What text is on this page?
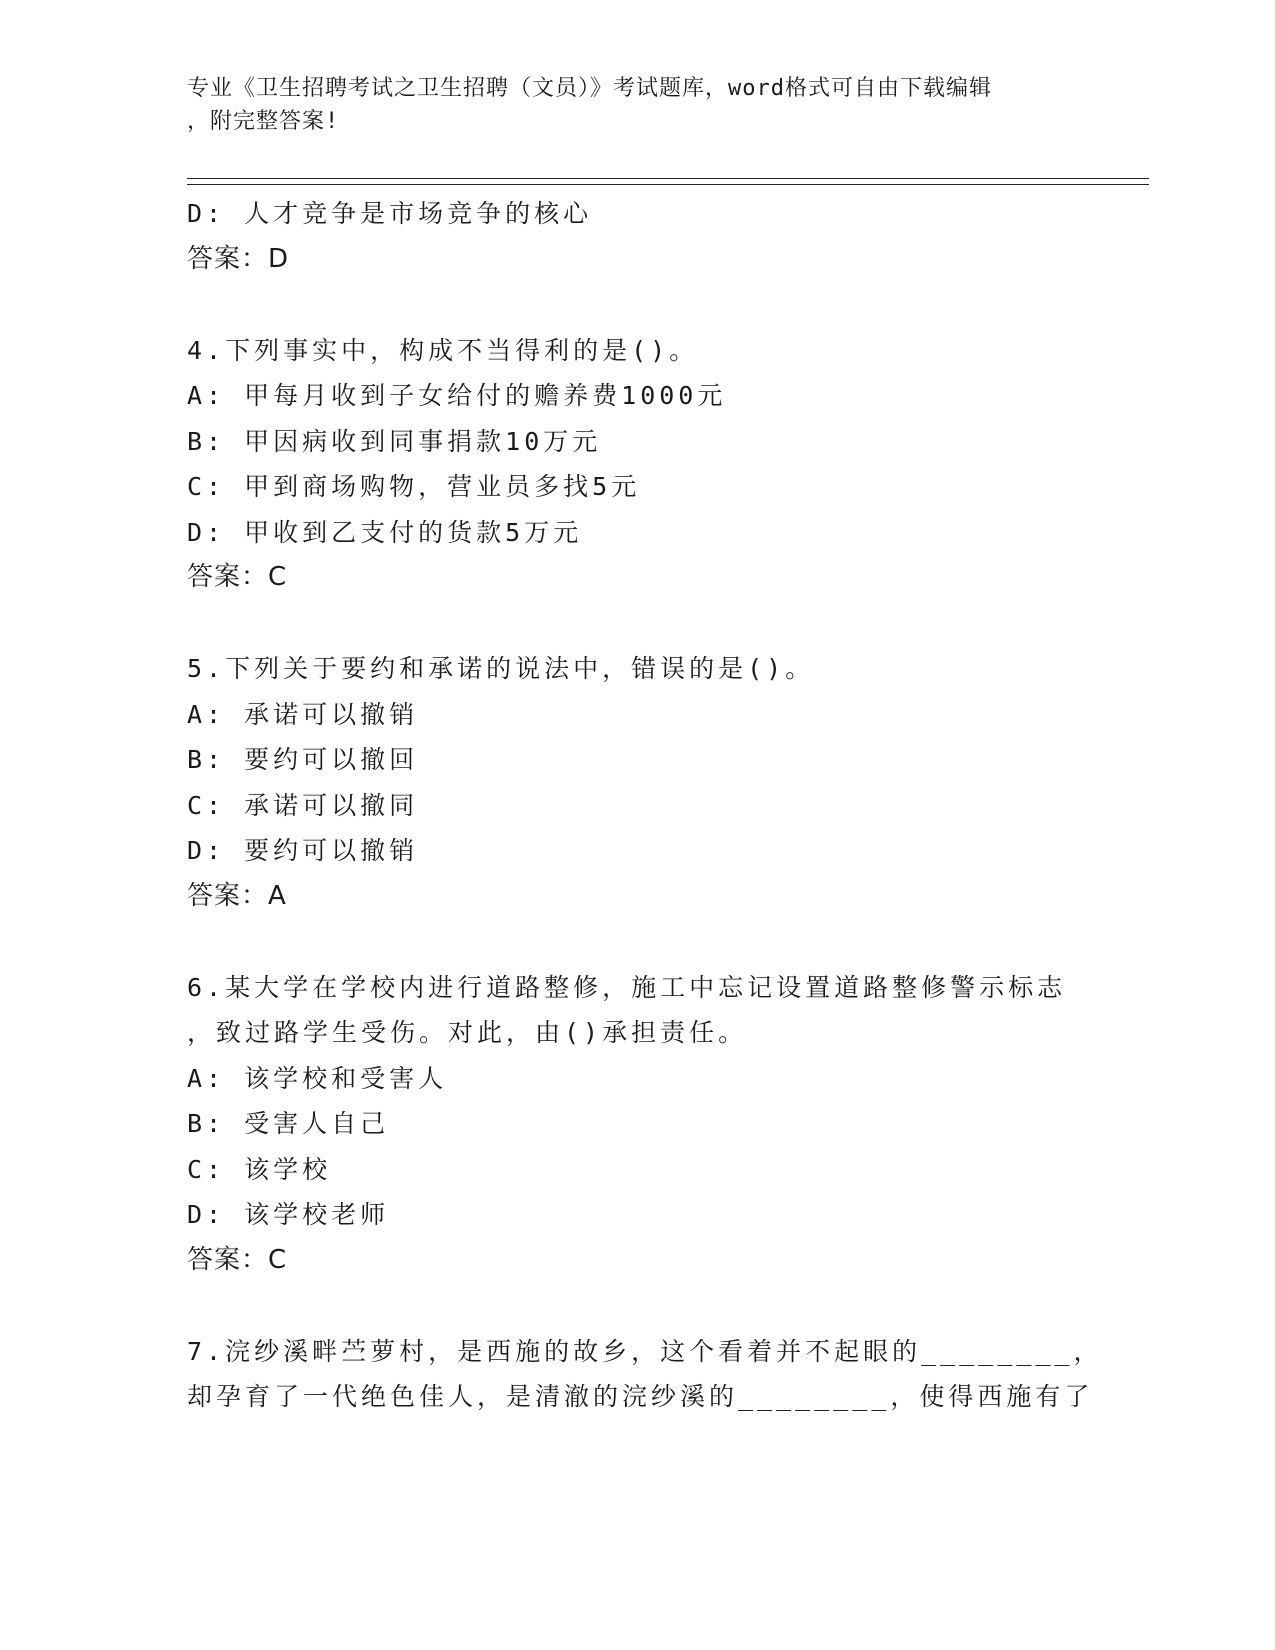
专业《卫生招聘考试之卫生招聘（文员）》考试题库，word格式可自由下载编辑
，附完整答案!
D: 人才竞争是市场竞争的核心
答案：D
4.下列事实中，构成不当得利的是()。
A: 甲每月收到子女给付的赡养费1000元
B: 甲因病收到同事捐款10万元
C: 甲到商场购物，营业员多找5元
D: 甲收到乙支付的货款5万元
答案：C
5.下列关于要约和承诺的说法中，错误的是()。
A: 承诺可以撤销
B: 要约可以撤回
C: 承诺可以撤同
D: 要约可以撤销
答案：A
6.某大学在学校内进行道路整修，施工中忘记设置道路整修警示标志
，致过路学生受伤。对此，由()承担责任。
A: 该学校和受害人
B: 受害人自己
C: 该学校
D: 该学校老师
答案：C
7.浣纱溪畔苎萝村，是西施的故乡，这个看着并不起眼的________，
却孕育了一代绝色佳人，是清澈的浣纱溪的________，使得西施有了
